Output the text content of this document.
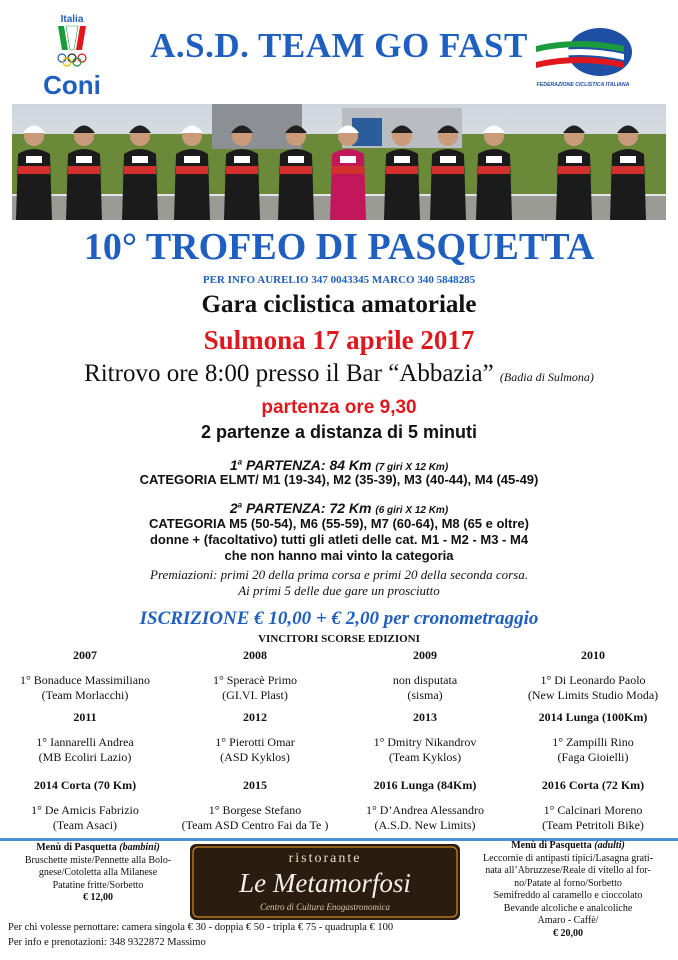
Italia
Coni
A.S.D. TEAM GO FAST
FEDERAZIONE CICLISTICA ITALIANA
10° TROFEO DI PASQUETTA
PER INFO AURELIO 347 0043345 MARCO 340 5848285
Gara ciclistica amatoriale
Sulmona 17 aprile 2017
Ritrovo ore 8:00 presso il Bar “Abbazia” (Badia di Sulmona)
partenza ore 9,30
2 partenze a distanza di 5 minuti
1$^a$ PARTENZA: 84 Km (7 giri X 12 Km)
CATEGORIA ELMT/ M1 (19-34), M2 (35-39), M3 (40-44), M4 (45-49)
2$^a$ PARTENZA: 72 Km (6 giri X 12 Km)
CATEGORIA M5 (50-54), M6 (55-59), M7 (60-64), M8 (65 e oltre)
donne + (facoltativo) tutti gli atleti delle cat. M1 - M2 - M3 - M4
che non hanno mai vinto la categoria
Premiazioni: primi 20 della prima corsa e primi 20 della seconda corsa.
Ai primi 5 delle due gare un prosciutto
ISCRIZIONE € 10,00 + € 2,00 per cronometraggio
VINCITORI SCORSE EDIZIONI
2007
1° Bonaduce Massimiliano
(Team Morlacchi)
2008
1° Speracè Primo
(GI.VI. Plast)
2009
non disputata
(sisma)
2010
1° Di Leonardo Paolo
(New Limits Studio Moda)
2011
1° Iannarelli Andrea
(MB Ecoliri Lazio)
2012
1° Pierotti Omar
(ASD Kyklos)
2013
1° Dmitry Nikandrov
(Team Kyklos)
2014 Lunga (100Km)
1° Zampilli Rino
(Faga Gioielli)
2014 Corta (70 Km)
1° De Amicis Fabrizio
(Team Asaci)
2015
1° Borgese Stefano
(Team ASD Centro Fai da Te )
2016 Lunga (84Km)
1° D’Andrea Alessandro
(A.S.D. New Limits)
2016 Corta (72 Km)
1° Calcinari Moreno
(Team Petritoli Bike)
Menù di Pasquetta (bambini)
Bruschette miste/Pennette alla Bolo-
gnese/Cotoletta alla Milanese
Patatine fritte/Sorbetto
€ 12,00
ristorante
Le Metamorfosi
Centro di Cultura Enogastronomica
Menù di Pasquetta (adulti)
Leccornie di antipasti tipici/Lasagna grati-
nata all’Abruzzese/Reale di vitello al for-
no/Patate al forno/Sorbetto
Semifreddo al caramello e cioccolato
Bevande alcoliche e analcoliche
Amaro - Caffè/
€ 20,00
Per chi volesse pernottare: camera singola € 30 - doppia € 50 - tripla € 75 - quadrupla € 100
Per info e prenotazioni: 348 9322872 Massimo
